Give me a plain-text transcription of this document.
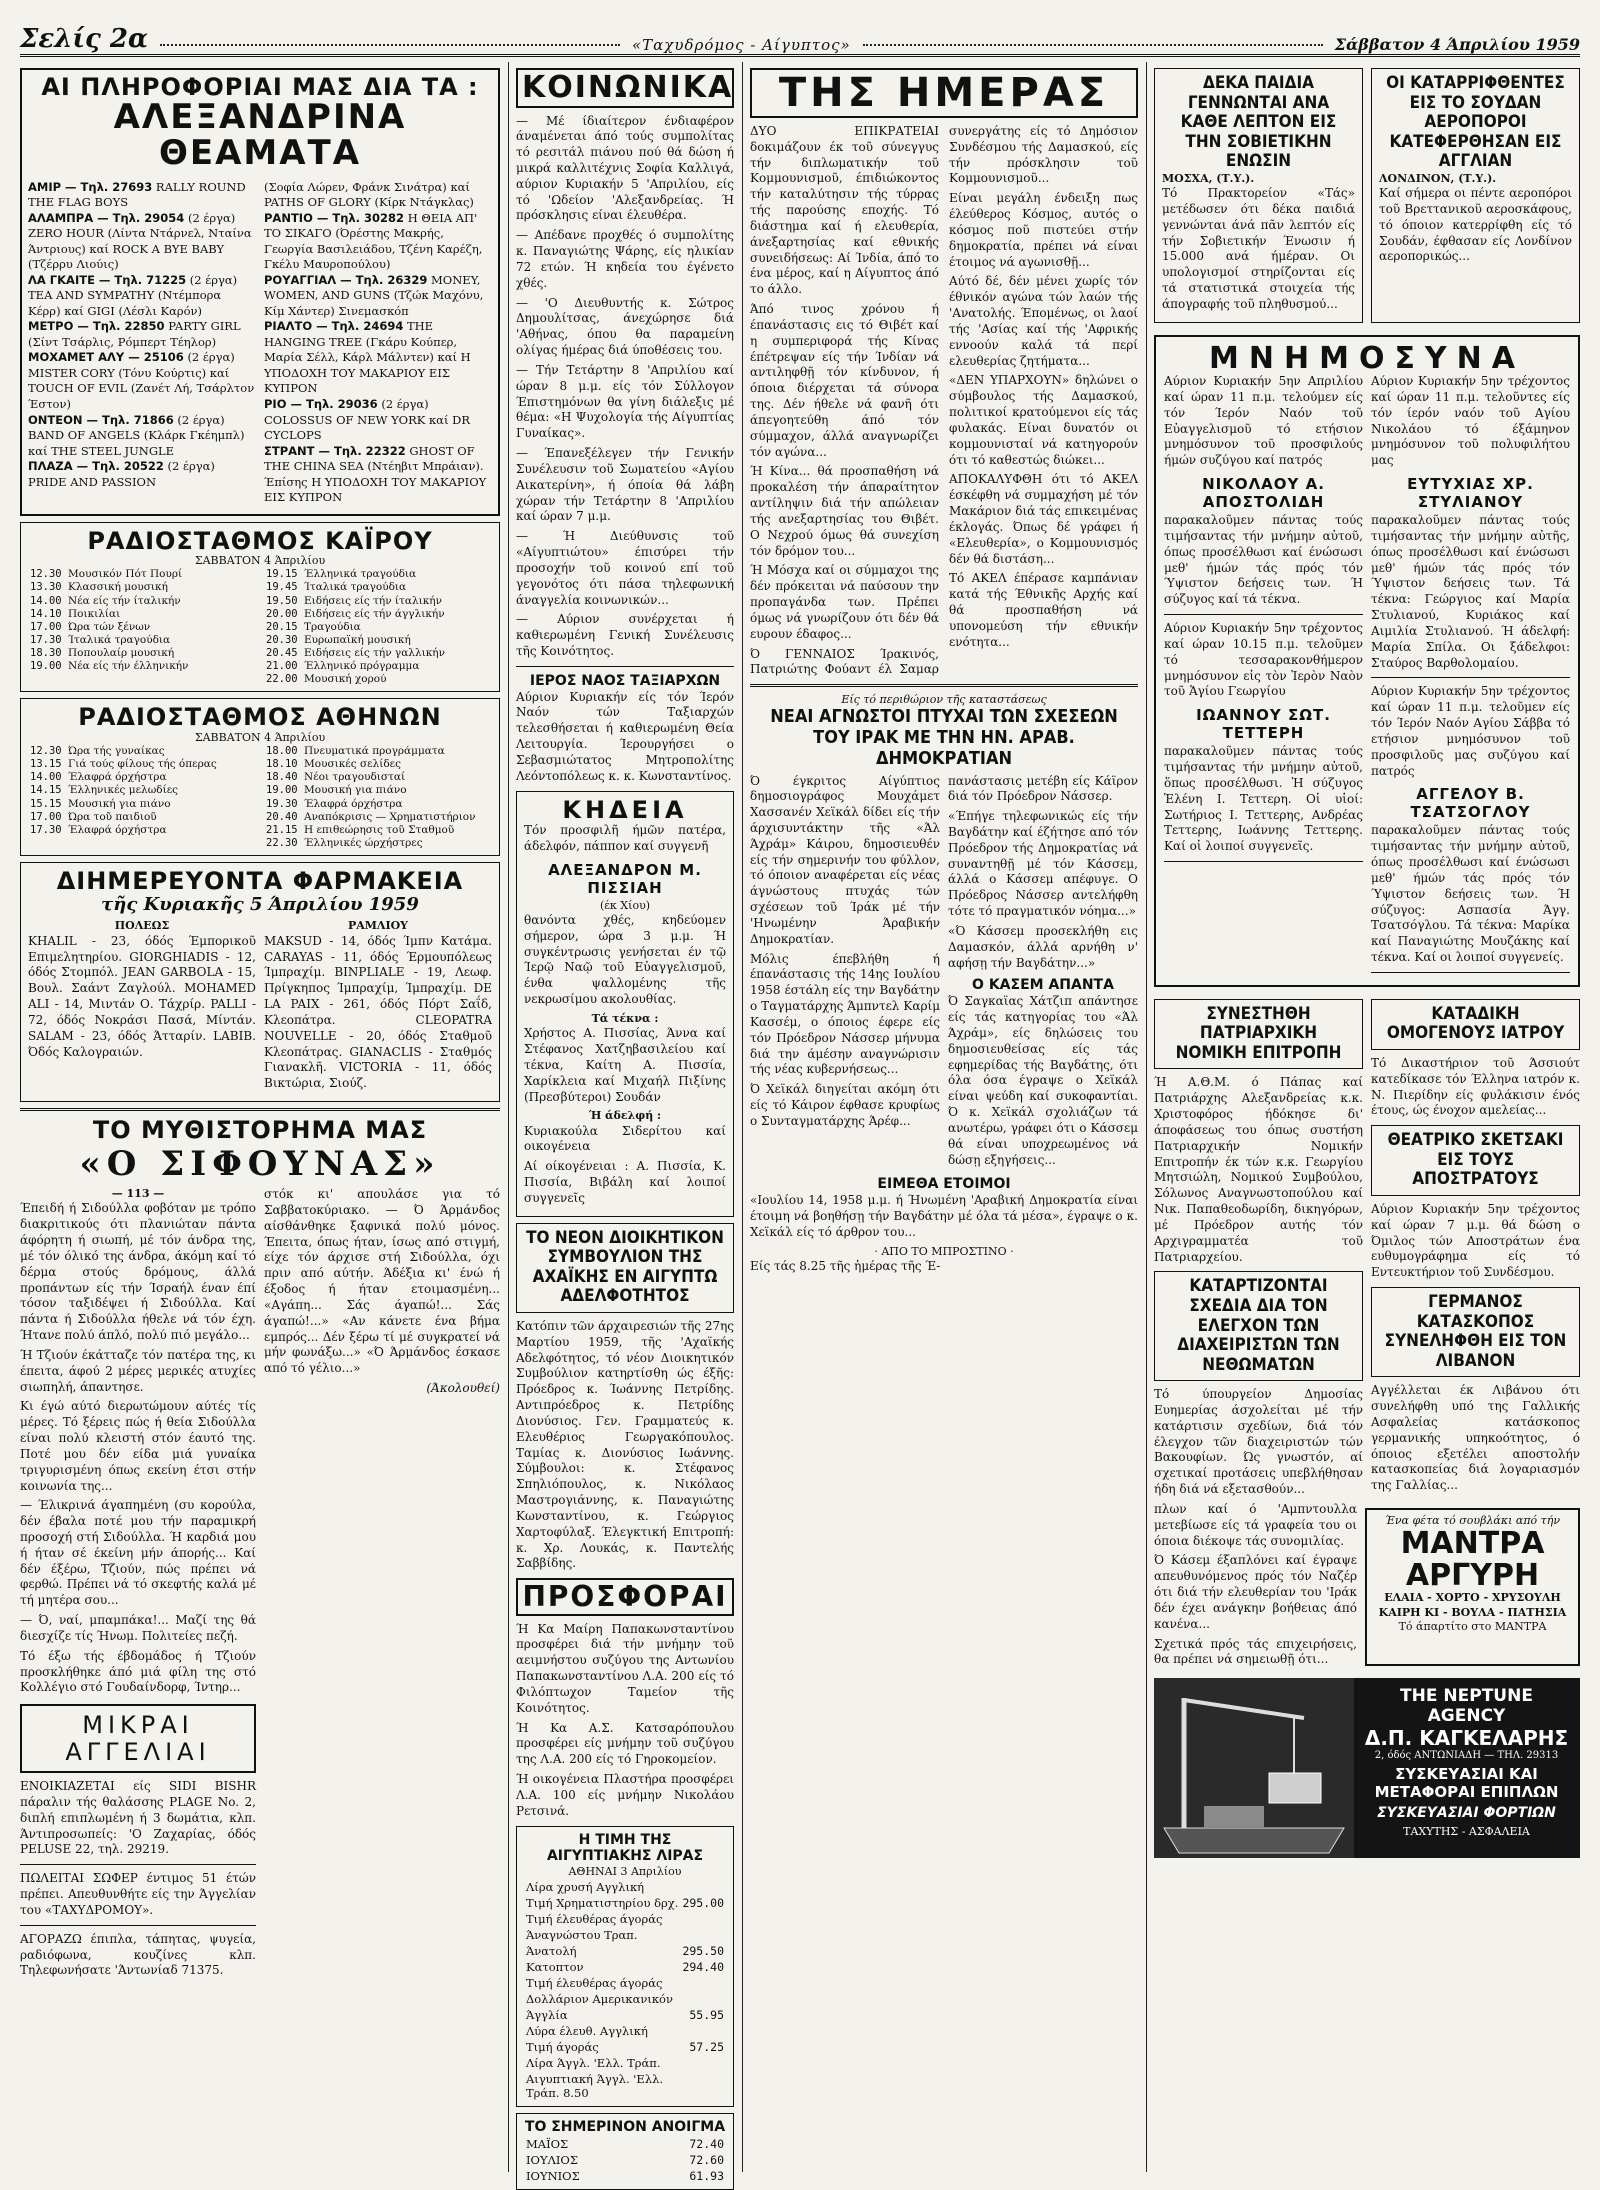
Σελίς 2α	«Ταχυδρόμος - Αίγυπτος»	Σάββατον 4 Άπριλίου 1959
ΑΙ ΠΛΗΡΟΦΟΡΙΑΙ ΜΑΣ ΔΙΑ ΤΑ :
ΑΛΕΞΑΝΔΡΙΝΑ ΘΕΑΜΑΤΑ
ΑΜΙΡ — Τηλ. 27693 RALLY ROUND THE FLAG BOYS
ΑΛΑΜΠΡΑ — Τηλ. 29054 (2 έργα) ZERO HOUR (Λίντα Ντάρνελ, Νταίνα Άντριους) καί ROCK A BYE BABY (Τζέρρυ Λιούις)
ΛΑ ΓΚΑΙΤΕ — Τηλ. 71225 (2 έργα) TEA AND SYMPATHY (Ντέμπορα Κέρρ) καί GIGI (Λέσλι Καρόν)
ΜΕΤΡΟ — Τηλ. 22850 PARTY GIRL (Σίντ Τσάρλις, Ρόμπερτ Τέηλορ)
ΜΟΧΑΜΕΤ ΑΛΥ — 25106 (2 έργα) MISTER CORY (Τόνυ Κούρτις) καί TOUCH OF EVIL (Ζανέτ Λή, Τσάρλτον Έστον)
ΟΝΤΕΟΝ — Τηλ. 71866 (2 έργα) BAND OF ANGELS (Κλάρκ Γκέημπλ) καί THE STEEL JUNGLE
ΠΛΑΖΑ — Τηλ. 20522 (2 έργα) PRIDE AND PASSION
(Σοφία Λώρεν, Φράνκ Σινάτρα) καί PATHS OF GLORY (Κίρκ Ντάγκλας)
ΡΑΝΤΙΟ — Τηλ. 30282 Η ΘΕΙΑ ΑΠ' ΤΟ ΣΙΚΑΓΟ (Όρέστης Μακρής, Γεωργία Βασιλειάδου, Τζένη Καρέζη, Γκέλυ Μαυροπούλου)
ΡΟΥΑΓΓΙΑΛ — Τηλ. 26329 MONEY, WOMEN, AND GUNS (Τζώκ Μαχόνυ, Κίμ Χάντερ) Σινεμασκόπ
ΡΙΑΛΤΟ — Τηλ. 24694 THE HANGING TREE (Γκάρυ Κούπερ, Μαρία Σέλλ, Κάρλ Μάλντεν) καί Η ΥΠΟΔΟΧΗ ΤΟΥ ΜΑΚΑΡΙΟΥ ΕΙΣ ΚΥΠΡΟΝ
ΡΙΟ — Τηλ. 29036 (2 έργα) COLOSSUS OF NEW YORK καί DR CYCLOPS
ΣΤΡΑΝΤ — Τηλ. 22322 GHOST OF THE CHINA SEA (Ντέηβιτ Μπράιαν). Έπίσης Η ΥΠΟΔΟΧΗ ΤΟΥ ΜΑΚΑΡΙΟΥ ΕΙΣ ΚΥΠΡΟΝ
ΡΑΔΙΟΣΤΑΘΜΟΣ ΚΑΪΡΟΥ
ΣΑΒΒΑΤΟΝ 4 Άπριλίου
12.30	Μουσικόν Πότ Πουρί
13.30	Κλασσική μουσική
14.00	Νέα είς τήν ίταλικήν
14.10	Ποικιλίαι
17.00	Ώρα τών ξένων
17.30	Ίταλικά τραγούδια
18.30	Ποπουλαίρ μουσική
19.00	Νέα είς τήν έλληνικήν
19.15	Έλληνικά τραγούδια
19.45	Ίταλικά τραγούδια
19.50	Ειδήσεις είς τήν ίταλικήν
20.00	Ειδήσεις είς τήν άγγλικήν
20.15	Τραγούδια
20.30	Ευρωπαϊκή μουσική
20.45	Ειδήσεις είς τήν γαλλικήν
21.00	Έλληνικό πρόγραμμα
22.00	Μουσική χορού
ΡΑΔΙΟΣΤΑΘΜΟΣ ΑΘΗΝΩΝ
ΣΑΒΒΑΤΟΝ 4 Άπριλίου
12.30	Ώρα τής γυναίκας
13.15	Γιά τούς φίλους τής όπερας
14.00	Έλαφρά όρχήστρα
14.15	Έλληνικές μελωδίες
15.15	Μουσική για πιάνο
17.00	Ώρα τοῦ παιδιοῦ
17.30	Έλαφρά όρχήστρα
18.00	Πνευματικά προγράμματα
18.10	Μουσικές σελίδες
18.40	Νέοι τραγουδισταί
19.00	Μουσική για πιάνο
19.30	Έλαφρά όρχήστρα
20.40	Αναπόκρισις — Χρηματιστήριον
21.15	Η επιθεώρησις τοῦ Σταθμοῦ
22.30	Έλληνικές ώρχήστρες
ΔΙΗΜΕΡΕΥΟΝΤΑ ΦΑΡΜΑΚΕΙΑ
τῆς Κυριακῆς 5 Άπριλίου 1959
ΠΟΛΕΩΣ

KHALIL - 23, όδός Έμπορικοῦ Επιμελητηρίου. GIORGHIADIS - 12, όδός Στομπόλ. JEAN GARBOLA - 15, Βουλ. Σαάντ Ζαγλούλ. MOHAMED ALI - 14, Μιντάν Ο. Τάχρίρ. PALLI - 72, όδός Νοκράσι Πασά, Μίντάν. SALAM - 23, όδός Άτταρίν. LABIB. Όδός Καλογραιών.

ΡΑΜΛΙΟΥ

MAKSUD - 14, όδός Ίμπν Κατάμα. CARAYAS - 11, όδός Έρμουπόλεως Ίμπραχίμ. BINPLIALE - 19, Λεωφ. Πρίγκηπος Ίμπραχίμ, Ίμπραχίμ. DE LA PAIX - 261, όδός Πόρτ Σαΐδ, Κλεοπάτρα. CLEOPATRA NOUVELLE - 20, όδός Σταθμοῦ Κλεοπάτρας. GIANACLIS - Σταθμός Γιανακλῆ. VICTORIA - 11, όδός Βικτώρια, Σιούζ.

ΤΟ ΜΥΘΙΣΤΟΡΗΜΑ ΜΑΣ
«Ο ΣΙΦΟΥΝΑΣ»
— 113 —

Έπειδή ή Σιδούλλα φοβόταν με τρόπο διακριτικούς ότι πλανιώταν πάντα άφόρητη ή σιωπή, μέ τόν άνδρα της, μέ τόν όλικό της άνδρα, άκόμη καί τό δέρμα στούς δρόμους, άλλά προπάντων είς τήν Ίσραήλ έναν έπί τόσον ταξιδέψει ή Σιδούλλα. Καί πάντα ή Σιδούλλα ήθελε νά τόν έχη. Ήτανε πολύ άπλό, πολύ πιό μεγάλο...

Ή Τζιούν έκάτταζε τόν πατέρα της, κι έπειτα, άφού 2 μέρες μερικές ατυχίες σιωπηλή, άπαντησε.

Κι έγώ αύτό διερωτώμουν αύτές τίς μέρες. Τό ξέρεις πώς ή θεία Σιδούλλα είναι πολύ κλειστή στόν έαυτό της. Ποτέ μου δέν είδα μιά γυναίκα τριγυρισμένη όπως εκείνη έτσι στήν κοινωνία της...

— Έλικρινά άγαπημένη (συ κορούλα, δέν έβαλα ποτέ μου τήν παραμικρή προσοχή στή Σιδούλλα. Ή καρδιά μου ή ήταν σέ έκείνη μήν άπορής... Καί δέν έξέρω, Τζιούν, πώς πρέπει νά φερθώ. Πρέπει νά τό σκεφτής καλά μέ τή μητέρα σου...

— Ό, ναί, μπαμπάκα!... Μαζί της θά διεσχίζε τίς Ήνωμ. Πολιτείες πεζή.

Τό έξω τής έβδομάδος ή Τζιούν προσκλήθηκε άπό μιά φίλη της στό Κολλέγιο στό Γουδαίνδορφ, Ίντηρ...

ΜΙΚΡΑΙ
ΑΓΓΕΛΙΑΙ

ΕΝΟΙΚΙΑΖΕΤΑΙ είς SIDI BISHR πάραλιν τής θαλάσσης PLAGE No. 2, διπλή επιπλωμένη ή 3 δωμάτια, κλπ. Άντιπροσωπείς: 'Ο Ζαχαρίας, όδός PELUSE 22, τηλ. 29219.

ΠΩΛΕΙΤΑΙ ΣΩΦΕΡ έντιμος 51 έτών πρέπει. Απευθυνθήτε είς την Άγγελίαν του «ΤΑΧΥΔΡΟΜΟΥ».

ΑΓΟΡΑΖΩ έπιπλα, τάπητας, ψυγεία, ραδιόφωνα, κουζίνες κλπ. Τηλεφωνήσατε 'Άντωνίαδ 71375.

στόκ κι' απουλάσε για τό Σαββατοκύριακο. — Ό Άρμάνδος αίσθάνθηκε ξαφνικά πολύ μόνος. Έπειτα, όπως ήταν, ίσως από στιγμή, είχε τόν άρχισε στή Σιδούλλα, όχι πριν από αύτήν. Άδέξια κι' ένώ ή έξοδος ή ήταν ετοιμασμένη... «Αγάπη... Σάς άγαπώ!... Σάς άγαπώ!...» «Αν κάνετε ένα βήμα εμπρός... Δέν ξέρω τί μέ συγκρατεί νά μήν φωνάξω...» «Ό Άρμάνδος έσκασε από τό γέλιο...»

(Άκολουθεί)
ΚΟΙΝΩΝΙΚΑ

— Μέ ίδιαίτερον ένδιαφέρον άναμένεται άπό τούς συμπολίτας τό ρεσιτάλ πιάνου πού θά δώση ή μικρά καλλιτέχνις Σοφία Καλλιγά, αύριον Κυριακήν 5 'Απριλίου, είς τό 'Ωδείον 'Αλεξανδρείας. Ή πρόσκλησις είναι έλευθέρα.

— Απέδανε προχθές ό συμπολίτης κ. Παναγιώτης Ψάρης, είς ηλικίαν 72 ετών. Ή κηδεία του έγένετο χθές.

— 'Ο Διευθυντής κ. Σώτρος Δημουλίτσας, άνεχώρησε διά 'Αθήνας, όπου θα παραμείνη ολίγας ήμέρας διά ύποθέσεις του.

— Τήν Τετάρτην 8 'Απριλίου καί ώραν 8 μ.μ. είς τόν Σύλλογον Έπιστημόνων θα γίνη διάλεξις μέ θέμα: «Η Ψυχολογία τής Αίγυπτίας Γυναίκας».

— Έπανεξέλεγεν τήν Γενικήν Συνέλευσιν τοῦ Σωματείου «Αγίου Αικατερίνη», ή όποία θά λάβη χώραν τήν Τετάρτην 8 'Απριλίου καί ώραν 7 μ.μ.

— Ή Διεύθυνσις τοῦ «Αίγυπτιώτου» έπισύρει τήν προσοχήν τοῦ κοινού επί τοῦ γεγονότος ότι πάσα τηλεφωνική άναγγελία κοινωνικών...

— Αύριον συνέρχεται ή καθιερωμένη Γενική Συνέλευσις τῆς Κοινότητος.

ΙΕΡΟΣ ΝΑΟΣ ΤΑΞΙΑΡΧΩΝ

Αύριον Κυριακήν είς τόν Ίερόν Ναόν τών Ταξιαρχών τελεσθήσεται ή καθιερωμένη Θεία Λειτουργία. Ίερουργήσει ο Σεβασμιώτατος Μητροπολίτης Λεόντοπόλεως κ. κ. Κωνσταντίνος.

ΚΗΔΕΙΑ

Τόν προσφιλῆ ήμῶν πατέρα, άδελφόν, πάππον καί συγγενῆ

ΑΛΕΞΑΝΔΡΟΝ Μ. ΠΙΣΣΙΑΗ
(έκ Χίου)

θανόντα χθές, κηδεύομεν σήμερον, ώρα 3 μ.μ. Ή συγκέντρωσις γενήσεται έν τῷ Ίερῷ Ναῷ τοῦ Εὐαγγελισμοῦ, ένθα ψαλλομένης τῆς νεκρωσίμου ακολουθίας.

Τά τέκνα :

Χρήστος Α. Πισσίας, Άννα καί Στέφανος Χατζηβασιλείου καί τέκνα, Καίτη Α. Πισσία, Χαρίκλεια καί Μιχαήλ Πιξίνης (Πρεσβύτεροι) Σουδάν

Ή άδελφή :

Κυριακούλα Σιδερίτου καί οικογένεια

Αί οίκογένειαι : Α. Πισσία, Κ. Πισσία, Βιβάλη καί λοιποί συγγενεῖς

ΤΟ ΝΕΟΝ ΔΙΟΙΚΗΤΙΚΟΝ ΣΥΜΒΟΥΛΙΟΝ ΤΗΣ ΑΧΑΪΚΗΣ ΕΝ ΑΙΓΥΠΤΩ ΑΔΕΛΦΟΤΗΤΟΣ

Κατόπιν τῶν άρχαιρεσιών τῆς 27ης Μαρτίου 1959, τῆς 'Αχαϊκής Αδελφότητος, τό νέον Διοικητικόν Συμβούλιον κατηρτίσθη ώς έξῆς: Πρόεδρος κ. Ίωάννης Πετρίδης. Αντιπρόεδρος κ. Πετρίδης Διονύσιος. Γεν. Γραμματεύς κ. Ελευθέριος Γεωργακόπουλος. Ταμίας κ. Διονύσιος Ιωάννης. Σύμβουλοι: κ. Στέφανος Σπηλιόπουλος, κ. Νικόλαος Μαστρογιάννης, κ. Παναγιώτης Κωνσταντίνου, κ. Γεώργιος Χαρτοφύλαξ. Έλεγκτική Επιτροπή: κ. Χρ. Λουκάς, κ. Παντελής Σαββίδης.

ΠΡΟΣΦΟΡΑΙ

Ή Κα Μαίρη Παπακωνσταντίνου προσφέρει διά τήν μνήμην τοῦ αειμνήστου συζύγου της Αντωνίου Παπακωνσταντίνου Λ.Α. 200 είς τό Φιλόπτωχον Ταμείον τῆς Κοινότητος.

Ή Κα Α.Σ. Κατσαρόπουλου προσφέρει είς μνήμην τοῦ συζύγου της Λ.Α. 200 είς τό Γηροκομείον.

Ή οικογένεια Πλαστήρα προσφέρει Λ.Α. 100 είς μνήμην Νικολάου Ρετσινά.

Η ΤΙΜΗ ΤΗΣ ΑΙΓΥΠΤΙΑΚΗΣ ΛΙΡΑΣ
ΑΘΗΝΑΙ 3 Απριλίου
Λίρα χρυσή Αγγλική	
Τιμή Χρηματιστηρίου δρχ.	295.00
Τιμή έλευθέρας άγοράς	
Άναγνώστου Τραπ.	
Άνατολή	295.50
Κατοπτον	294.40
Τιμή έλευθέρας άγοράς	
Δολλάριον Αμερικανικόν	
Άγγλία	55.95
Λύρα έλευθ. Αγγλική	
Τιμή άγοράς	57.25
Λίρα Άγγλ. 'Ελλ. Τράπ.	
Αιγυπτιακή Άγγλ. 'Ελλ. Τράπ. 8.50	
ΤΟ ΣΗΜΕΡΙΝΟΝ ΑΝΟΙΓΜΑ
ΜΑΪΟΣ	72.40
ΙΟΥΛΙΟΣ	72.60
ΙΟΥΝΙΟΣ	61.93
ΤΗΣ ΗΜΕΡΑΣ

ΔΥΟ ΕΠΙΚΡΑΤΕΙΑΙ δοκιμάζουν έκ τοῦ σύνεγγυς τήν διπλωματικήν τοῦ Κομμουνισμοῦ, έπιδιώκοντος τήν καταλύτησιν τής τύρρας τής παρούσης εποχής. Τό διάστημα καί ή ελευθερία, άνεξαρτησίας καί εθνικής συνειδήσεως: Αί Ίνδία, άπό το ένα μέρος, καί η Αίγυπτος άπό το άλλο.

Άπό τινος χρόνου ή έπανάστασις εις τό Θιβέτ καί η συμπεριφορά τής Κίνας έπέτρεψαν είς τήν Ίνδίαν νά αντιληφθῇ τόν κίνδυνον, ή όποια διέρχεται τά σύνορα της. Δέν ήθελε νά φανῆ ότι άπεγοητεύθη άπό τόν σύμμαχον, άλλά αναγνωρίζει τόν αγώνα...

Ή Κίνα... θά προσπαθήση νά προκαλέση τήν άπαραίτητον αντίληψιν διά τήν απώλειαν τής ανεξαρτησίας του Θιβέτ. Ο Νεχρού όμως θά συνεχίση τόν δρόμον του...

Ή Μόσχα καί οι σύμμαχοι της δέν πρόκειται νά παύσουν την προπαγάνδα των. Πρέπει όμως νά γνωρίζουν ότι δέν θά ευρουν έδαφος...

Ό ΓΕΝΝΑΙΟΣ Ίρακινός, Πατριώτης Φούαντ έλ Σαμαρ συνεργάτης είς τό Δημόσιον Συνδέσμου τής Δαμασκού, είς τήν πρόσκλησιν τοῦ Κομμουνισμοῦ...

Είναι μεγάλη ένδειξη πως έλεύθερος Κόσμος, αυτός ο κόσμος ποῦ πιστεύει στήν δημοκρατία, πρέπει νά είναι έτοιμος νά αγωνισθῇ...

Αύτό δέ, δέν μένει χωρίς τόν έθνικόν αγώνα τών λαών τής 'Ανατολής. Έπομένως, οι λαοί τής 'Ασίας καί τής 'Αφρικής εννοούν καλά τά περί ελευθερίας ζητήματα...

«ΔΕΝ ΥΠΑΡΧΟΥΝ» δηλώνει ο σύμβουλος τής Δαμασκού, πολιτικοί κρατούμενοι είς τάς φυλακάς. Είναι δυνατόν οι κομμουνισταί νά κατηγορούν ότι τό καθεστώς διώκει...

ΑΠΟΚΑΛΥΦΘΗ ότι τό ΑΚΕΛ έσκέφθη νά συμμαχήση μέ τόν Μακάριον διά τάς επικειμένας έκλογάς. Όπως δέ γράφει ή «Ελευθερία», ο Κομμουνισμός δέν θά διστάση...

Τό ΑΚΕΛ έπέρασε καμπάνιαν κατά τής Έθνικῆς Αρχής καί θά προσπαθήση νά υπονομεύση τήν εθνικήν ενότητα...

Είς τό περιθώριον τῆς καταστάσεως
ΝΕΑΙ ΑΓΝΩΣΤΟΙ ΠΤΥΧΑΙ ΤΩΝ ΣΧΕΣΕΩΝ ΤΟΥ ΙΡΑΚ ΜΕ ΤΗΝ ΗΝ. ΑΡΑΒ. ΔΗΜΟΚΡΑΤΙΑΝ

Ό έγκριτος Αίγύπτιος δημοσιογράφος Μουχάμετ Χασσανέν Χεϊκάλ δίδει είς τήν άρχισυντάκτην τῆς «Άλ Άχράμ» Κάιρου, δημοσιευθέν είς τήν σημερινήν του φύλλον, τό όποιον αναφέρεται είς νέας άγνώστους πτυχάς τών σχέσεων τοῦ Ίράκ μέ τήν 'Ηνωμένην Άραβικήν Δημοκρατίαν.

Μόλις έπεβλήθη ή έπανάστασις τής 14ης Ιουλίου 1958 έστάλη είς την Βαγδάτην ο Ταγματάρχης Άμπντελ Καρίμ Κασσέμ, ο όποιος έφερε είς τόν Πρόεδρον Νάσσερ μήνυμα διά την άμέσην αναγνώρισιν τής νέας κυβερνήσεως...

Ό Χεϊκάλ διηγείται ακόμη ότι είς τό Κάιρον έφθασε κρυφίως ο Συνταγματάρχης Άρέφ...

πανάστασις μετέβη είς Κάϊρον διά τόν Πρόεδρον Νάσσερ.

«Έπήγε τηλεφωνικώς είς τήν Βαγδάτην καί έζήτησε από τόν Πρόεδρον τής Δημοκρατίας νά συναντηθῇ μέ τόν Κάσσεμ, άλλά ο Κάσσεμ απέφυγε. Ο Πρόεδρος Νάσσερ αντελήφθη τότε τό πραγματικόν νόημα...»

«Ό Κάσσεμ προσεκλήθη εις Δαμασκόν, άλλά αρνήθη ν' αφήσῃ τήν Βαγδάτην...»

Ο ΚΑΣΕΜ ΑΠΑΝΤΑ

Ό Σαγκαϊας Χάτζιπ απάντησε είς τάς κατηγορίας του «Άλ Άχράμ», είς δηλώσεις του δημοσιευθείσας είς τάς εφημερίδας τής Βαγδάτης, ότι όλα όσα έγραψε ο Χεϊκάλ είναι ψεύδη καί συκοφαντίαι. Ό κ. Χεϊκάλ σχολιάζων τά ανωτέρω, γράφει ότι ο Κάσσεμ θά είναι υποχρεωμένος νά δώσῃ εξηγήσεις...

ΕΙΜΕΘΑ ΕΤΟΙΜΟΙ

«Ιουλίου 14, 1958 μ.μ. ή Ήνωμένη 'Αραβική Δημοκρατία είναι έτοιμη νά βοηθήσῃ τήν Βαγδάτην μέ όλα τά μέσα», έγραψε ο κ. Χεϊκάλ είς τό άρθρον του...

· ΑΠΟ ΤΟ ΜΠΡΟΣΤΙΝΟ ·

Είς τάς 8.25 τῆς ἡμέρας τῆς Έ-

ΔΕΚΑ ΠΑΙΔΙΑ ΓΕΝΝΩΝΤΑΙ ΑΝΑ ΚΑΘΕ ΛΕΠΤΟΝ ΕΙΣ ΤΗΝ ΣΟΒΙΕΤΙΚΗΝ ΕΝΩΣΙΝ
ΜΟΣΧΑ, (Τ.Υ.).

Τό Πρακτορείον «Τάς» μετέδωσεν ότι δέκα παιδιά γεννώνται άνά πᾶν λεπτόν είς τήν Σοβιετικήν Ένωσιν ή 15.000 ανά ήμέραν. Οι υπολογισμοί στηρίζονται είς τά στατιστικά στοιχεία τής άπογραφής τοῦ πληθυσμού...

ΟΙ ΚΑΤΑΡΡΙΦΘΕΝΤΕΣ ΕΙΣ ΤΟ ΣΟΥΔΑΝ ΑΕΡΟΠΟΡΟΙ ΚΑΤΕΦΕΡΘΗΣΑΝ ΕΙΣ ΑΓΓΛΙΑΝ
ΛΟΝΔΙΝΟΝ, (Τ.Υ.).

Καί σήμερα οι πέντε αεροπόροι τοῦ Βρεττανικοῦ αεροσκάφους, τό όποιον κατερρίφθη είς τό Σουδάν, έφθασαν είς Λονδίνον αεροπορικώς...

ΜΝΗΜΟΣΥΝΑ

Αύριον Κυριακήν 5ην Απριλίου καί ώραν 11 π.μ. τελούμεν είς τόν Ίερόν Ναόν τοῦ Εὐαγγελισμοῦ τό ετήσιον μνημόσυνον τοῦ προσφιλούς ήμών συζύγου καί πατρός

ΝΙΚΟΛΑΟΥ Α. ΑΠΟΣΤΟΛΙΔΗ

παρακαλοῦμεν πάντας τούς τιμήσαντας τήν μνήμην αὐτοῦ, όπως προσέλθωσι καί ένώσωσι μεθ' ήμών τάς πρός τόν Ύψιστον δεήσεις των. Ή σύζυγος καί τά τέκνα.

Αύριον Κυριακήν 5ην τρέχοντος καί ώραν 10.15 π.μ. τελοῦμεν τό τεσσαρακονθήμερον μνημόσυνον εἰς τὸν Ἱερὸν Ναὸν τοῦ Ἁγίου Γεωργίου

ΙΩΑΝΝΟΥ ΣΩΤ. ΤΕΤΤΕΡΗ

παρακαλοῦμεν πάντας τούς τιμήσαντας τήν μνήμην αὐτοῦ, ὅπως προσέλθωσι. Ἡ σύζυγος Ἑλένη Ι. Τεττερη. Οἱ υἱοί: Σωτήριος Ι. Τεττερης, Ανδρέας Τεττερης, Ιωάννης Τεττερης. Καί οἱ λοιποί συγγενεῖς.

Αύριον Κυριακήν 5ην τρέχοντος καί ώραν 11 π.μ. τελοῦντες είς τόν ίερόν ναόν τοῦ Αγίου Νικολάου τό έξάμηνον μνημόσυνον τοῦ πολυφιλήτου μας

ΕΥΤΥΧΙΑΣ ΧΡ. ΣΤΥΛΙΑΝΟΥ

παρακαλοῦμεν πάντας τούς τιμήσαντας τήν μνήμην αὐτῆς, όπως προσέλθωσι καί ένώσωσι μεθ' ήμών τάς πρός τόν Ύψιστον δεήσεις των. Τά τέκνα: Γεώργιος καί Μαρία Στυλιανού, Κυριάκος καί Αιμιλία Στυλιανού. Ή άδελφή: Μαρία Σπίλα. Οι ξάδελφοι: Σταύρος Βαρθολομαίου.

Αύριον Κυριακήν 5ην τρέχοντος καί ώραν 11 π.μ. τελοῦμεν είς τόν Ίερόν Ναόν Αγίου Σάββα τό ετήσιον μνημόσυνον τοῦ προσφιλοῦς μας συζύγου καί πατρός

ΑΓΓΕΛΟΥ Β. ΤΣΑΤΣΟΓΛΟΥ

παρακαλοῦμεν πάντας τούς τιμήσαντας τήν μνήμην αὐτοῦ, όπως προσέλθωσι καί ένώσωσι μεθ' ήμών τάς πρός τόν Ύψιστον δεήσεις των. Ή σύζυγος: Ασπασία Άγγ. Τσατσόγλου. Τά τέκνα: Μαρίκα καί Παναγιώτης Μουζάκης καί τέκνα. Καί οι λοιποί συγγενείς.

ΣΥΝΕΣΤΗΘΗ ΠΑΤΡΙΑΡΧΙΚΗ ΝΟΜΙΚΗ ΕΠΙΤΡΟΠΗ

Ή Α.Θ.Μ. ό Πάπας καί Πατριάρχης Αλεξανδρείας κ.κ. Χριστοφόρος ήδόκησε δι' άποφάσεως του όπως συστήση Πατριαρχικήν Νομικήν Επιτροπήν έκ τών κ.κ. Γεωργίου Μητσιώλη, Νομικού Συμβούλου, Σόλωνος Αναγνωστοπούλου καί Νικ. Παπαθεοδωρίδη, δικηγόρων, μέ Πρόεδρον αυτής τόν Αρχιγραμματέα τοῦ Πατριαρχείου.

ΚΑΤΑΡΤΙΖΟΝΤΑΙ ΣΧΕΔΙΑ ΔΙΑ ΤΟΝ ΕΛΕΓΧΟΝ ΤΩΝ ΔΙΑΧΕΙΡΙΣΤΩΝ ΤΩΝ ΝΕΘΩΜΑΤΩΝ

Τό ύπουργείον Δημοσίας Ευημερίας άσχολείται μέ τήν κατάρτισιν σχεδίων, διά τόν έλεγχον τῶν διαχειριστών τών Βακουφίων. Ώς γνωστόν, αί σχετικαί προτάσεις υπεβλήθησαν ήδη διά νά εξετασθούν...

ΚΑΤΑΔΙΚΗ ΟΜΟΓΕΝΟΥΣ ΙΑΤΡΟΥ

Τό Δικαστήριον τοῦ Άσσιούτ κατεδίκασε τόν Έλληνα ιατρόν κ. Ν. Πιερίδην είς φυλάκισιν ένός έτους, ώς ένοχον αμελείας...

ΘΕΑΤΡΙΚΟ ΣΚΕΤΣΑΚΙ ΕΙΣ ΤΟΥΣ ΑΠΟΣΤΡΑΤΟΥΣ

Αύριον Κυριακήν 5ην τρέχοντος καί ώραν 7 μ.μ. θά δώση ο Όμιλος τών Αποστράτων ένα ευθυμογράφημα είς τό Εντευκτήριον τοῦ Συνδέσμου.

ΓΕΡΜΑΝΟΣ ΚΑΤΑΣΚΟΠΟΣ ΣΥΝΕΛΗΦΘΗ ΕΙΣ ΤΟΝ ΛΙΒΑΝΟΝ

Αγγέλλεται έκ Λιβάνου ότι συνελήφθη υπό της Γαλλικής Ασφαλείας κατάσκοπος γερμανικής υπηκοότητος, ό όποιος εξετέλει αποστολήν κατασκοπείας διά λογαριασμόν της Γαλλίας...

πλων καί ό 'Αμπντουλλα μετεβίωσε είς τά γραφεία του οι όποια διέκοψε τάς συνομιλίας.

Ό Κάσεμ έξαπλόνει καί έγραψε απευθυνόμενος πρός τόν Ναζέρ ότι διά τήν ελευθερίαν του 'Ιράκ δέν έχει ανάγκην βοήθειας άπό κανένα...

Σχετικά πρός τάς επιχειρήσεις, θα πρέπει νά σημειωθῇ ότι...

Ένα φέτα τό σουβλάκι από τήν
ΜΑΝΤΡΑ ΑΡΓΥΡΗ
ΕΛΑΙΑ - ΧΟΡΤΟ - ΧΡΥΣΟΥΛΗ
ΚΑΙΡΗ ΚΙ - ΒΟΥΛΑ - ΠΑΤΗΣΙΑ
Τό άπαρτίτο στο ΜΑΝΤΡΑ
THE NEPTUNE AGENCY
Δ.Π. ΚΑΓΚΕΛΑΡΗΣ
2, όδός ΑΝΤΩΝΙΑΔΗ — ΤΗΛ. 29313
ΣΥΣΚΕΥΑΣΙΑΙ ΚΑΙ ΜΕΤΑΦΟΡΑΙ ΕΠΙΠΛΩΝ
ΣΥΣΚΕΥΑΣΙΑΙ ΦΟΡΤΙΩΝ
ΤΑΧΥΤΗΣ - ΑΣΦΑΛΕΙΑ
